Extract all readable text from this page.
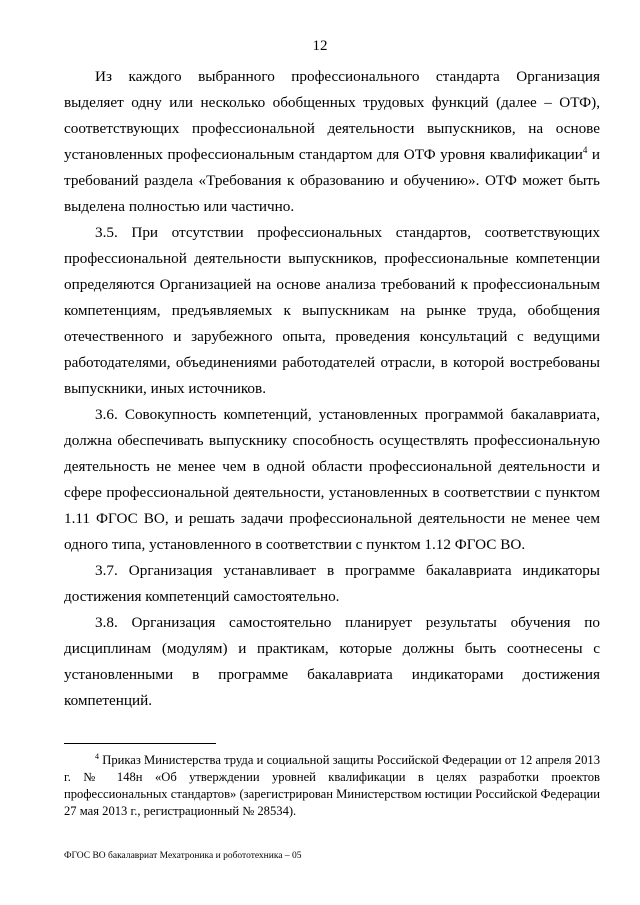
12

Из каждого выбранного профессионального стандарта Организация выделяет одну или несколько обобщенных трудовых функций (далее – ОТФ), соответствующих профессиональной деятельности выпускников, на основе установленных профессиональным стандартом для ОТФ уровня квалификации$^4$ и требований раздела «Требования к образованию и обучению». ОТФ может быть выделена полностью или частично.

3.5. При отсутствии профессиональных стандартов, соответствующих профессиональной деятельности выпускников, профессиональные компетенции определяются Организацией на основе анализа требований к профессиональным компетенциям, предъявляемых к выпускникам на рынке труда, обобщения отечественного и зарубежного опыта, проведения консультаций с ведущими работодателями, объединениями работодателей отрасли, в которой востребованы выпускники, иных источников.

3.6. Совокупность компетенций, установленных программой бакалавриата, должна обеспечивать выпускнику способность осуществлять профессиональную деятельность не менее чем в одной области профессиональной деятельности и сфере профессиональной деятельности, установленных в соответствии с пунктом 1.11 ФГОС ВО, и решать задачи профессиональной деятельности не менее чем одного типа, установленного в соответствии с пунктом 1.12 ФГОС ВО.

3.7. Организация устанавливает в программе бакалавриата индикаторы достижения компетенций самостоятельно.

3.8. Организация самостоятельно планирует результаты обучения по дисциплинам (модулям) и практикам, которые должны быть соотнесены с установленными в программе бакалавриата индикаторами достижения компетенций.

$^4$ Приказ Министерства труда и социальной защиты Российской Федерации от 12 апреля 2013 г. № 148н «Об утверждении уровней квалификации в целях разработки проектов профессиональных стандартов» (зарегистрирован Министерством юстиции Российской Федерации 27 мая 2013 г., регистрационный № 28534).

ФГОС ВО бакалавриат Мехатроника и робототехника – 05
